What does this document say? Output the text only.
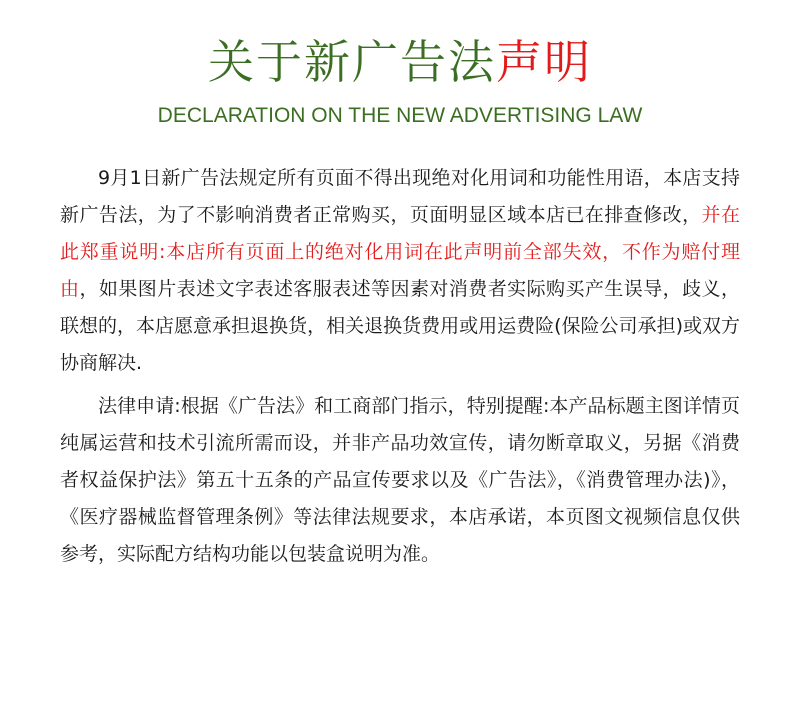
关于新广告法声明
DECLARATION ON THE NEW ADVERTISING LAW

9月1日新广告法规定所有页面不得出现绝对化用词和功能性用语，本店支持新广告法，为了不影响消费者正常购买，页面明显区域本店已在排查修改，并在此郑重说明:本店所有页面上的绝对化用词在此声明前全部失效，不作为赔付理由，如果图片表述文字表述客服表述等因素对消费者实际购买产生误导，歧义，联想的，本店愿意承担退换货，相关退换货费用或用运费险(保险公司承担)或双方协商解决.

法律申请:根据《广告法》和工商部门指示，特别提醒:本产品标题主图详情页纯属运营和技术引流所需而设，并非产品功效宣传，请勿断章取义，另据《消费者权益保护法》第五十五条的产品宣传要求以及《广告法》，《消费管理办法)》，《医疗器械监督管理条例》等法律法规要求，本店承诺，本页图文视频信息仅供参考，实际配方结构功能以包装盒说明为准。
